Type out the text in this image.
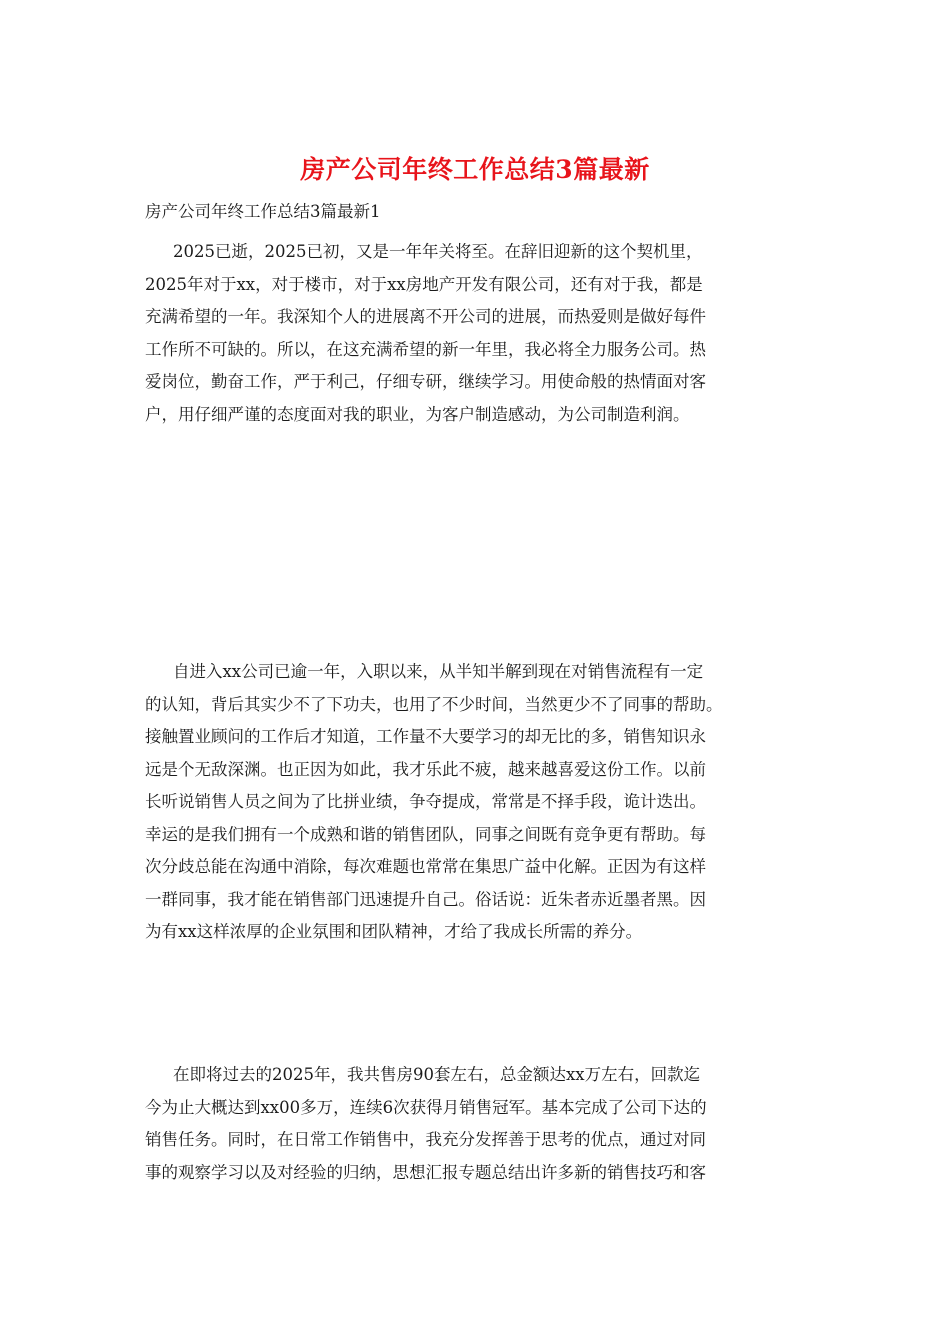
房产公司年终工作总结3篇最新
房产公司年终工作总结3篇最新1
2025已逝，2025已初，又是一年年关将至。在辞旧迎新的这个契机里，
2025年对于xx，对于楼市，对于xx房地产开发有限公司，还有对于我，都是
充满希望的一年。我深知个人的进展离不开公司的进展，而热爱则是做好每件
工作所不可缺的。所以，在这充满希望的新一年里，我必将全力服务公司。热
爱岗位，勤奋工作，严于利己，仔细专研，继续学习。用使命般的热情面对客
户，用仔细严谨的态度面对我的职业，为客户制造感动，为公司制造利润。
自进入xx公司已逾一年，入职以来，从半知半解到现在对销售流程有一定
的认知，背后其实少不了下功夫，也用了不少时间，当然更少不了同事的帮助。
接触置业顾问的工作后才知道，工作量不大要学习的却无比的多，销售知识永
远是个无敌深渊。也正因为如此，我才乐此不疲，越来越喜爱这份工作。以前
长听说销售人员之间为了比拼业绩，争夺提成，常常是不择手段，诡计迭出。
幸运的是我们拥有一个成熟和谐的销售团队，同事之间既有竞争更有帮助。每
次分歧总能在沟通中消除，每次难题也常常在集思广益中化解。正因为有这样
一群同事，我才能在销售部门迅速提升自己。俗话说：近朱者赤近墨者黑。因
为有xx这样浓厚的企业氛围和团队精神，才给了我成长所需的养分。
在即将过去的2025年，我共售房90套左右，总金额达xx万左右，回款迄
今为止大概达到xx00多万，连续6次获得月销售冠军。基本完成了公司下达的
销售任务。同时，在日常工作销售中，我充分发挥善于思考的优点，通过对同
事的观察学习以及对经验的归纳，思想汇报专题总结出许多新的销售技巧和客
